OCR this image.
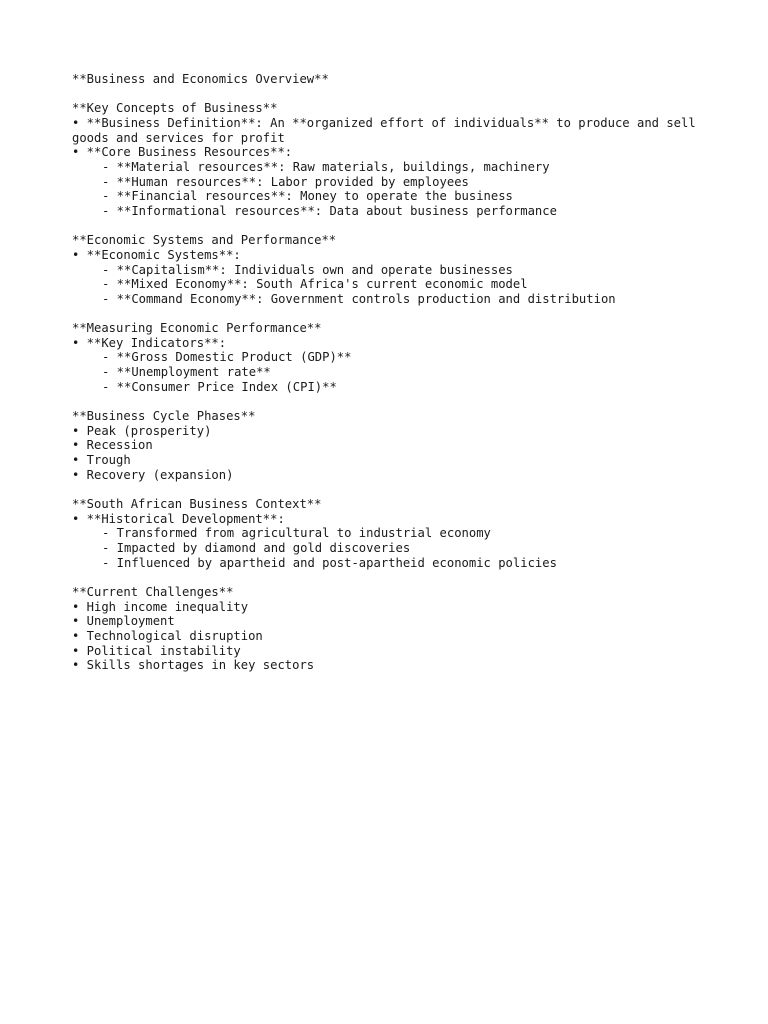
**Business and Economics Overview**
**Key Concepts of Business**
• **Business Definition**: An **organized effort of individuals** to produce and sell goods and services for profit
• **Core Business Resources**:
- **Material resources**: Raw materials, buildings, machinery
- **Human resources**: Labor provided by employees
- **Financial resources**: Money to operate the business
- **Informational resources**: Data about business performance
**Economic Systems and Performance**
• **Economic Systems**:
- **Capitalism**: Individuals own and operate businesses
- **Mixed Economy**: South Africa's current economic model
- **Command Economy**: Government controls production and distribution
**Measuring Economic Performance**
• **Key Indicators**:
- **Gross Domestic Product (GDP)**
- **Unemployment rate**
- **Consumer Price Index (CPI)**
**Business Cycle Phases**
• Peak (prosperity)
• Recession
• Trough
• Recovery (expansion)
**South African Business Context**
• **Historical Development**:
- Transformed from agricultural to industrial economy
- Impacted by diamond and gold discoveries
- Influenced by apartheid and post-apartheid economic policies
**Current Challenges**
• High income inequality
• Unemployment
• Technological disruption
• Political instability
• Skills shortages in key sectors
